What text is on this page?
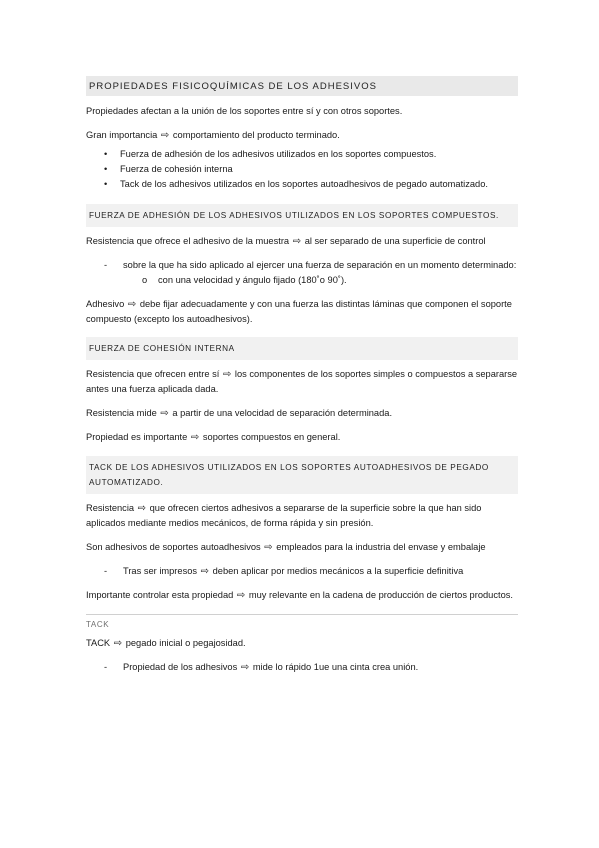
PROPIEDADES FISICOQUÍMICAS DE LOS ADHESIVOS

Propiedades afectan a la unión de los soportes entre sí y con otros soportes.

Gran importancia ⇨ comportamiento del producto terminado.

• Fuerza de adhesión de los adhesivos utilizados en los soportes compuestos.
• Fuerza de cohesión interna
• Tack de los adhesivos utilizados en los soportes autoadhesivos de pegado automatizado.
FUERZA DE ADHESIÓN DE LOS ADHESIVOS UTILIZADOS EN LOS SOPORTES COMPUESTOS.

Resistencia que ofrece el adhesivo de la muestra ⇨ al ser separado de una superficie de control

- sobre la que ha sido aplicado al ejercer una fuerza de separación en un momento determinado:
o con una velocidad y ángulo fijado (180˚o 90˚).

Adhesivo ⇨ debe fijar adecuadamente y con una fuerza las distintas láminas que componen el soporte compuesto (excepto los autoadhesivos).

FUERZA DE COHESIÓN INTERNA

Resistencia que ofrecen entre sí ⇨ los componentes de los soportes simples o compuestos a separarse antes una fuerza aplicada dada.

Resistencia mide ⇨ a partir de una velocidad de separación determinada.

Propiedad es importante ⇨ soportes compuestos en general.

TACK DE LOS ADHESIVOS UTILIZADOS EN LOS SOPORTES AUTOADHESIVOS DE PEGADO AUTOMATIZADO.

Resistencia ⇨ que ofrecen ciertos adhesivos a separarse de la superficie sobre la que han sido aplicados mediante medios mecánicos, de forma rápida y sin presión.

Son adhesivos de soportes autoadhesivos ⇨ empleados para la industria del envase y embalaje

- Tras ser impresos ⇨ deben aplicar por medios mecánicos a la superficie definitiva

Importante controlar esta propiedad ⇨ muy relevante en la cadena de producción de ciertos productos.

TACK

TACK ⇨ pegado inicial o pegajosidad.

- Propiedad de los adhesivos ⇨ mide lo rápido 1ue una cinta crea unión.
